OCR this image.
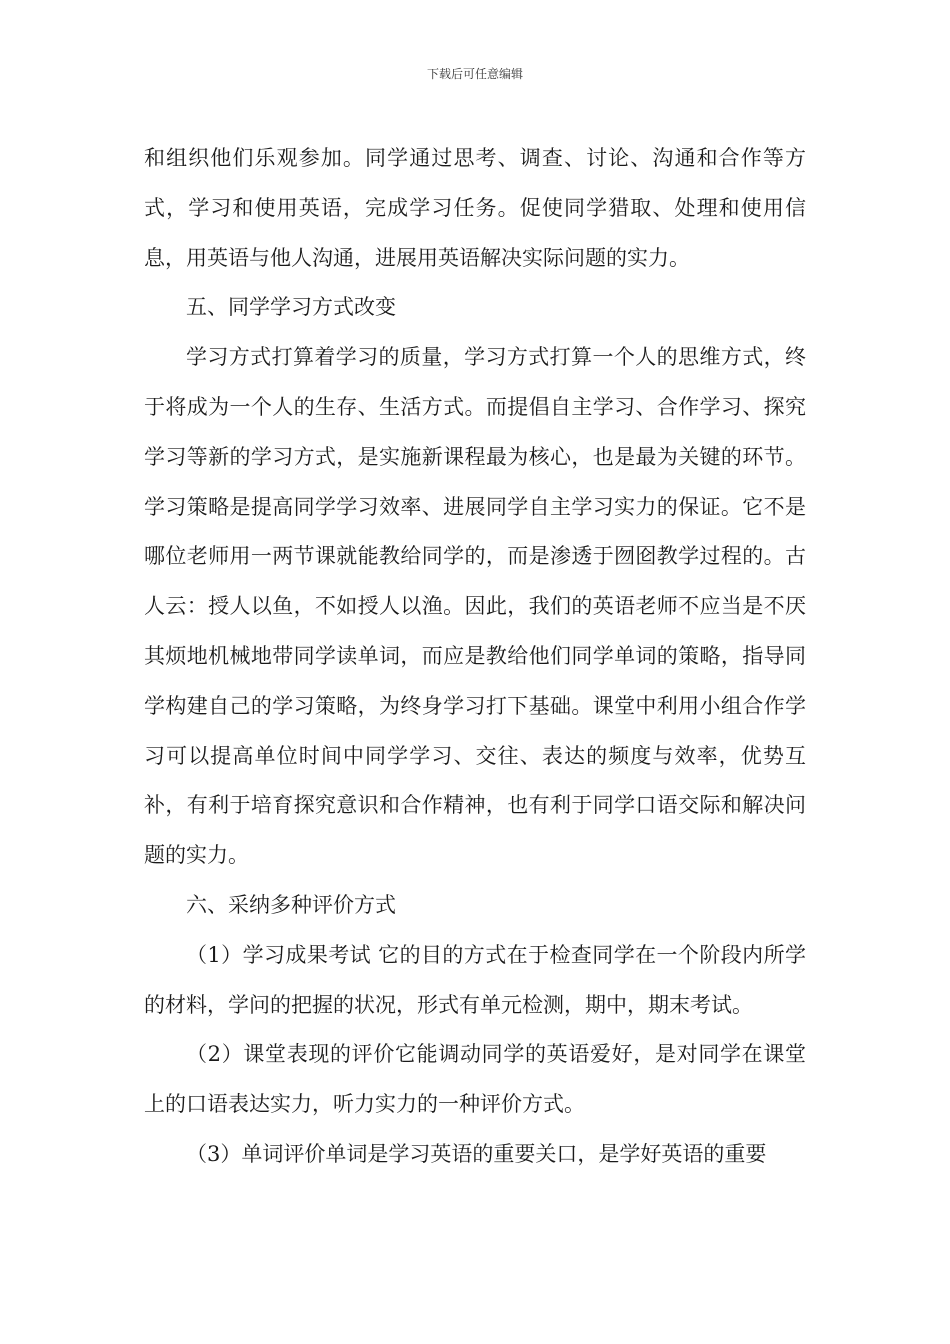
下载后可任意编辑

和组织他们乐观参加。同学通过思考、调查、讨论、沟通和合作等方式，学习和使用英语，完成学习任务。促使同学猎取、处理和使用信息，用英语与他人沟通，进展用英语解决实际问题的实力。

五、同学学习方式改变

学习方式打算着学习的质量，学习方式打算一个人的思维方式，终于将成为一个人的生存、生活方式。而提倡自主学习、合作学习、探究学习等新的学习方式，是实施新课程最为核心，也是最为关键的环节。学习策略是提高同学学习效率、进展同学自主学习实力的保证。它不是哪位老师用一两节课就能教给同学的，而是渗透于囫囵教学过程的。古人云：授人以鱼，不如授人以渔。因此，我们的英语老师不应当是不厌其烦地机械地带同学读单词，而应是教给他们同学单词的策略，指导同学构建自己的学习策略，为终身学习打下基础。课堂中利用小组合作学习可以提高单位时间中同学学习、交往、表达的频度与效率，优势互补，有利于培育探究意识和合作精神，也有利于同学口语交际和解决问题的实力。

六、采纳多种评价方式

（1）学习成果考试 它的目的方式在于检查同学在一个阶段内所学的材料，学问的把握的状况，形式有单元检测，期中，期末考试。

（2）课堂表现的评价它能调动同学的英语爱好，是对同学在课堂上的口语表达实力，听力实力的一种评价方式。

（3）单词评价单词是学习英语的重要关口，是学好英语的重要
